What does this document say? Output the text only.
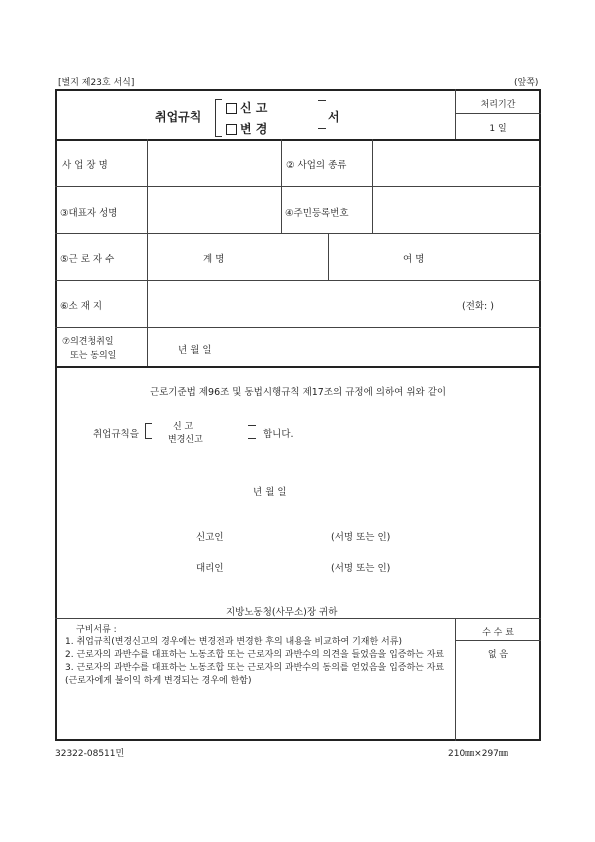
[별지 제23호 서식]	(앞쪽)
취업규칙
신 고
변 경
서
처리기간
1 일
사 업 장 명	② 사업의 종류
③대표자 성명	④주민등록번호
⑤근 로 자 수	계 명	여 명
⑥소 재 지	(전화: )
⑦의견청취일
또는 동의일	년 월 일
근로기준법 제96조 및 동법시행규칙 제17조의 규정에 의하여 위와 같이
취업규칙을
신 고
변경신고	합니다.
년 월 일
신고인	(서명 또는 인)
대리인	(서명 또는 인)
지방노동청(사무소)장 귀하
구비서류 :
1. 취업규칙(변경신고의 경우에는 변경전과 변경한 후의 내용을 비교하여 기재한 서류)
2. 근로자의 과반수를 대표하는 노동조합 또는 근로자의 과반수의 의견을 들었음을 입증하는 자료
3. 근로자의 과반수를 대표하는 노동조합 또는 근로자의 과반수의 동의를 얻었음을 입증하는 자료(근로자에게 불이익 하게 변경되는 경우에 한함)
수 수 료
없 음
32322-08511민	210㎜×297㎜
